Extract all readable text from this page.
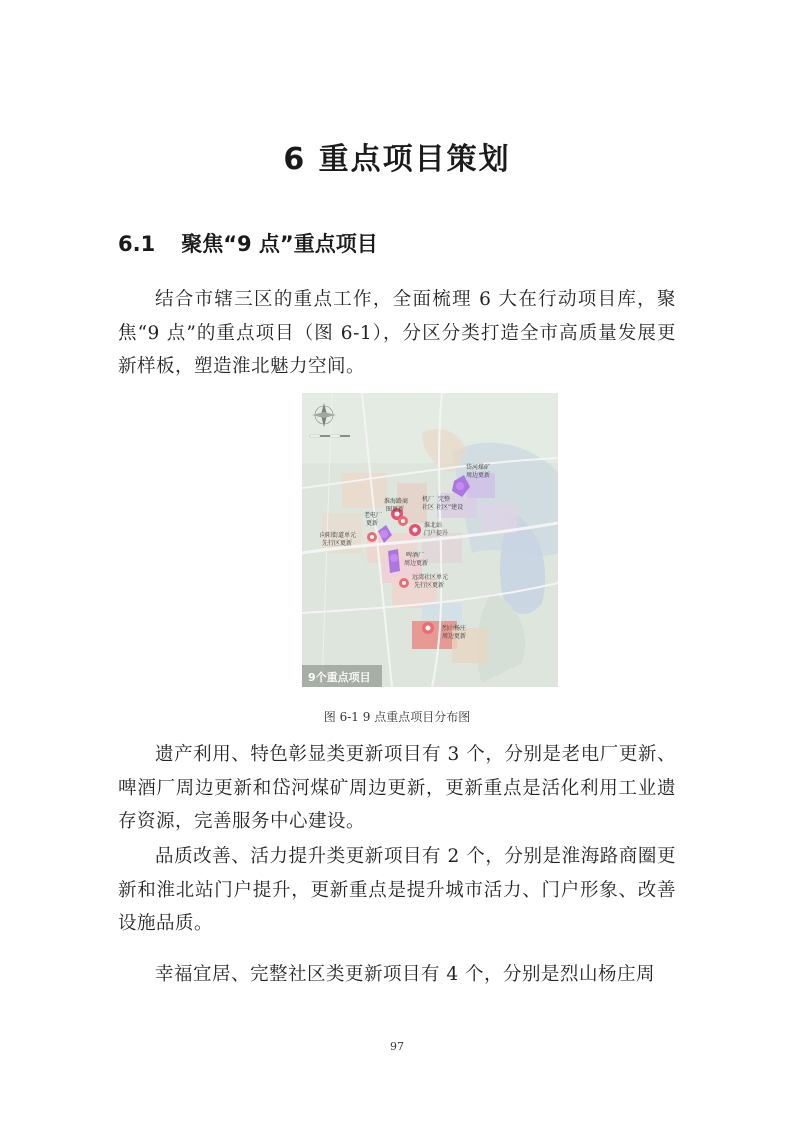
6 重点项目策划
6.1 聚焦“9 点”重点项目

结合市辖三区的重点工作，全面梳理 6 大在行动项目库，聚焦“9 点”的重点项目（图 6-1），分区分类打造全市高质量发展更新样板，塑造淮北魅力空间。

岱河煤矿
周边更新
淮海路商
圈更新
完整
社区”建设
机厂
社区
老电厂
更新	淮北站
门户提升
向阳街道单元
先行区更新
啤酒厂
周边更新
远湾社区单元
先行区更新
烈山杨庄
周边更新
9个重点项目

图 6-1 9 点重点项目分布图

遗产利用、特色彰显类更新项目有 3 个，分别是老电厂更新、啤酒厂周边更新和岱河煤矿周边更新，更新重点是活化利用工业遗存资源，完善服务中心建设。

品质改善、活力提升类更新项目有 2 个，分别是淮海路商圈更新和淮北站门户提升，更新重点是提升城市活力、门户形象、改善设施品质。

幸福宜居、完整社区类更新项目有 4 个，分别是烈山杨庄周

97
